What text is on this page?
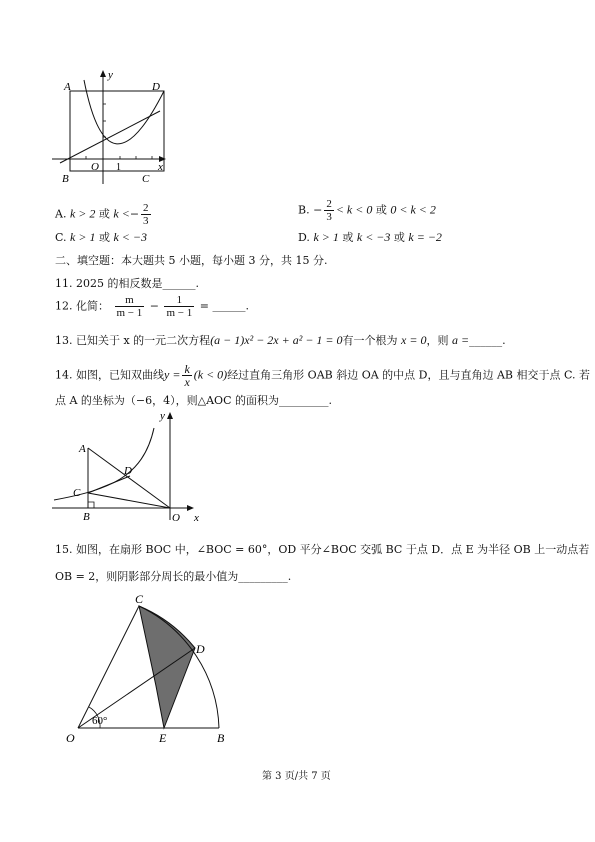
A	D
B	C
y
x
O 1
A. k > 2 或 $k <- \frac{2}{3}$	B. − $\frac{2}{3} < k < 0$ 或 0 < k < 2
C. k > 1 或 k < −3	D. k > 1 或 k < −3 或 k = −2
二、填空题：本大题共 5 小题，每小题 3 分，共 15 分.
11. 2025 的相反数是______.
12. 化简： $\frac{m}{m - 1} - \frac{1}{m - 1}$ = ______.
13. 已知关于 x 的一元二次方程(a − 1)x² − 2x + a² − 1 = 0有一个根为 x = 0，则 a =______.
14. 如图，已知双曲线$y = \frac{k}{x} (k < 0)$经过直角三角形 OAB 斜边 OA 的中点 D，且与直角边 AB 相交于点 C. 若
点 A 的坐标为（−6，4），则△AOC 的面积为_________.
A
D
C
B	O x
y
15. 如图，在扇形 BOC 中，∠BOC = 60°，OD 平分∠BOC 交弧 BC 于点 D．点 E 为半径 OB 上一动点若
OB = 2，则阴影部分周长的最小值为_________.
C
D
O	E	B
60°
第 3 页/共 7 页
